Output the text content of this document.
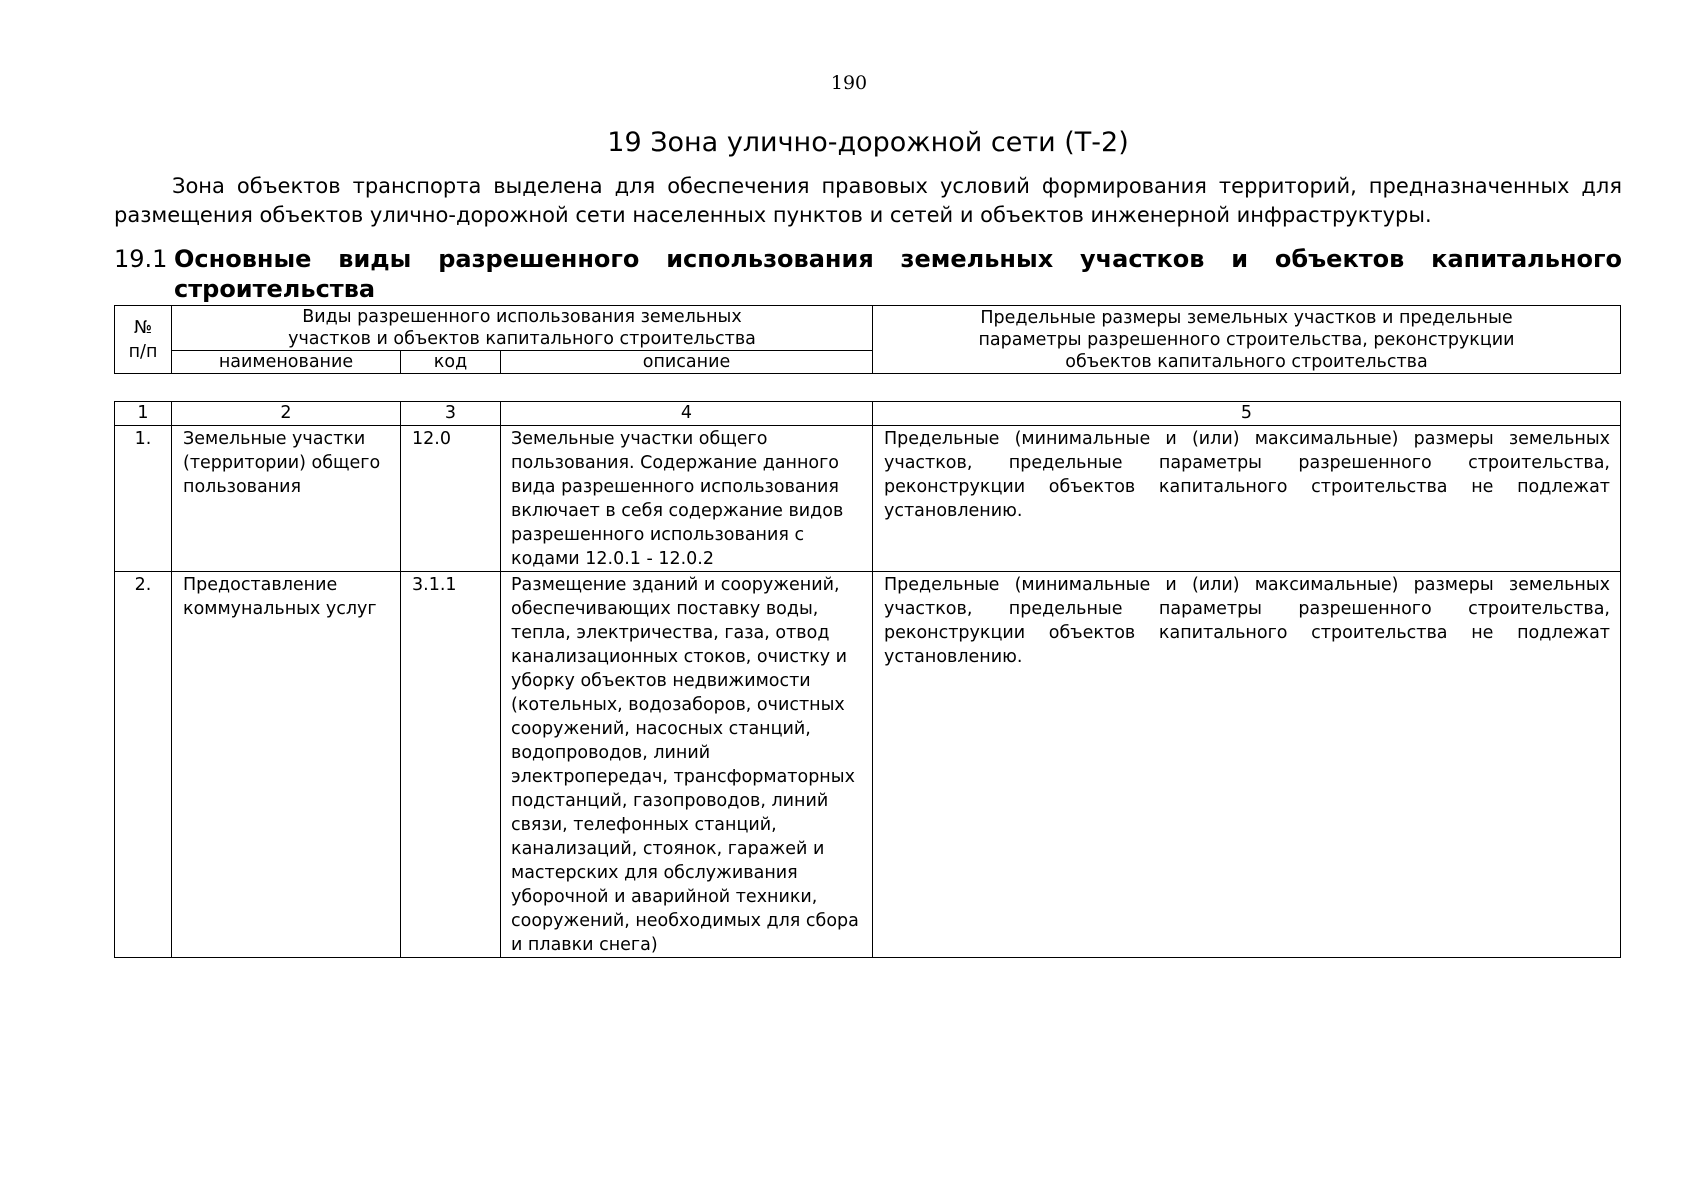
190
19 Зона улично-дорожной сети (Т-2)
Зона объектов транспорта выделена для обеспечения правовых условий формирования территорий, предназначенных для размещения объектов улично-дорожной сети населенных пунктов и сетей и объектов инженерной инфраструктуры.
19.1 Основные виды разрешенного использования земельных участков и объектов капитального строительства
№ п/п	Виды разрешенного использования земельных участков и объектов капитального строительства			Предельные размеры земельных участков и предельные параметры разрешенного строительства, реконструкции объектов капитального строительства

	наименование	код	описание	
1	2	3	4	5
1.	Земельные участки (территории) общего пользования	12.0	Земельные участки общего пользования. Содержание данного вида разрешенного использования включает в себя содержание видов разрешенного использования с кодами 12.0.1 - 12.0.2	Предельные (минимальные и (или) максимальные) размеры земельных участков, предельные параметры разрешенного строительства, реконструкции объектов капитального строительства не подлежат установлению.
2.	Предоставление коммунальных услуг	3.1.1	Размещение зданий и сооружений, обеспечивающих поставку воды, тепла, электричества, газа, отвод канализационных стоков, очистку и уборку объектов недвижимости (котельных, водозаборов, очистных сооружений, насосных станций, водопроводов, линий электропередач, трансформаторных подстанций, газопроводов, линий связи, телефонных станций, канализаций, стоянок, гаражей и мастерских для обслуживания уборочной и аварийной техники, сооружений, необходимых для сбора и плавки снега)	Предельные (минимальные и (или) максимальные) размеры земельных участков, предельные параметры разрешенного строительства, реконструкции объектов капитального строительства не подлежат установлению.
